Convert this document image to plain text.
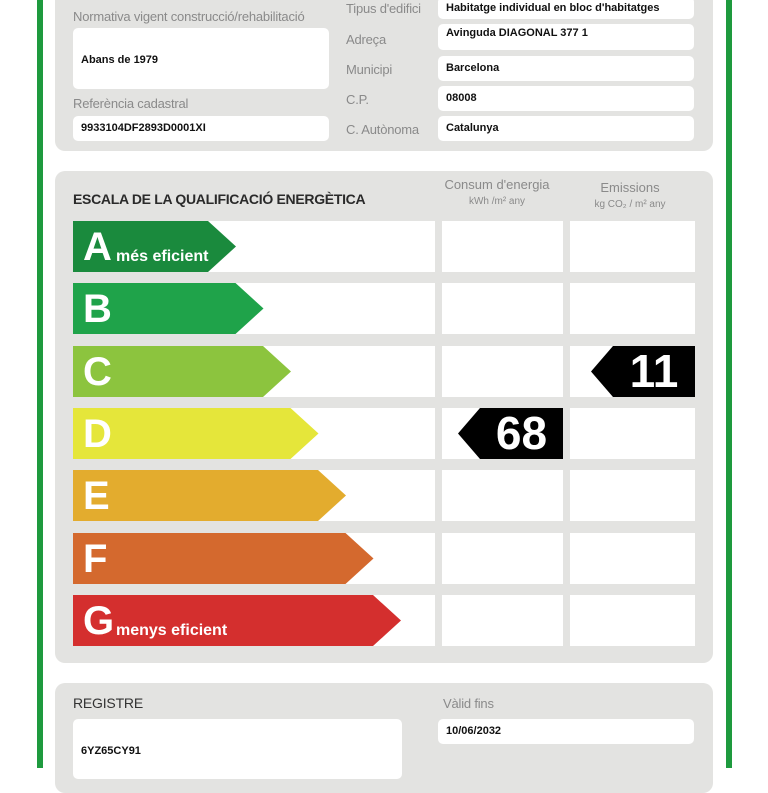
Normativa vigent construcció/rehabilitació
Abans de 1979
Referència cadastral
9933104DF2893D0001XI
Tipus d'edifici
Adreça
Municipi
C.P.
C. Autònoma
Habitatge individual en bloc d'habitatges
Avinguda DIAGONAL 377 1
Barcelona
08008
Catalunya
ESCALA DE LA QUALIFICACIÓ ENERGÈTICA
Consum d'energia
kWh /m² any
Emissions
kg CO₂ / m² any
A més eficient
B
11
C
68
D
E
F
G menys eficient
REGISTRE
6YZ65CY91
Vàlid fins
10/06/2032
